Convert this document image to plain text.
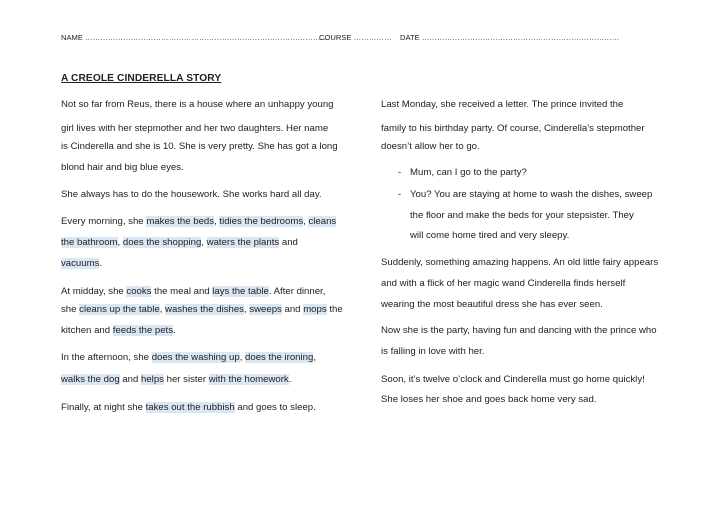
NAME ……………………………………………………………………………………
COURSE …………… DATE ……………………………………………………………………
A CREOLE CINDERELLA STORY
Not so far from Reus, there is a house where an unhappy young
girl lives with her stepmother and her two daughters. Her name
is Cinderella and she is 10. She is very pretty. She has got a long
blond hair and big blue eyes.
She always has to do the housework. She works hard all day.
Every morning, she makes the beds, tidies the bedrooms, cleans
the bathroom, does the shopping, waters the plants and
vacuums.
At midday, she cooks the meal and lays the table. After dinner,
she cleans up the table, washes the dishes, sweeps and mops the
kitchen and feeds the pets.
In the afternoon, she does the washing up, does the ironing,
walks the dog and helps her sister with the homework.
Finally, at night she takes out the rubbish and goes to sleep.
Last Monday, she received a letter. The prince invited the
family to his birthday party. Of course, Cinderella’s stepmother
doesn’t allow her to go.
- Mum, can I go to the party?
- You? You are staying at home to wash the dishes, sweep
the floor and make the beds for your stepsister. They
will come home tired and very sleepy.
Suddenly, something amazing happens. An old little fairy appears
and with a flick of her magic wand Cinderella finds herself
wearing the most beautiful dress she has ever seen.
Now she is the party, having fun and dancing with the prince who
is falling in love with her.
Soon, it’s twelve o’clock and Cinderella must go home quickly!
She loses her shoe and goes back home very sad.
